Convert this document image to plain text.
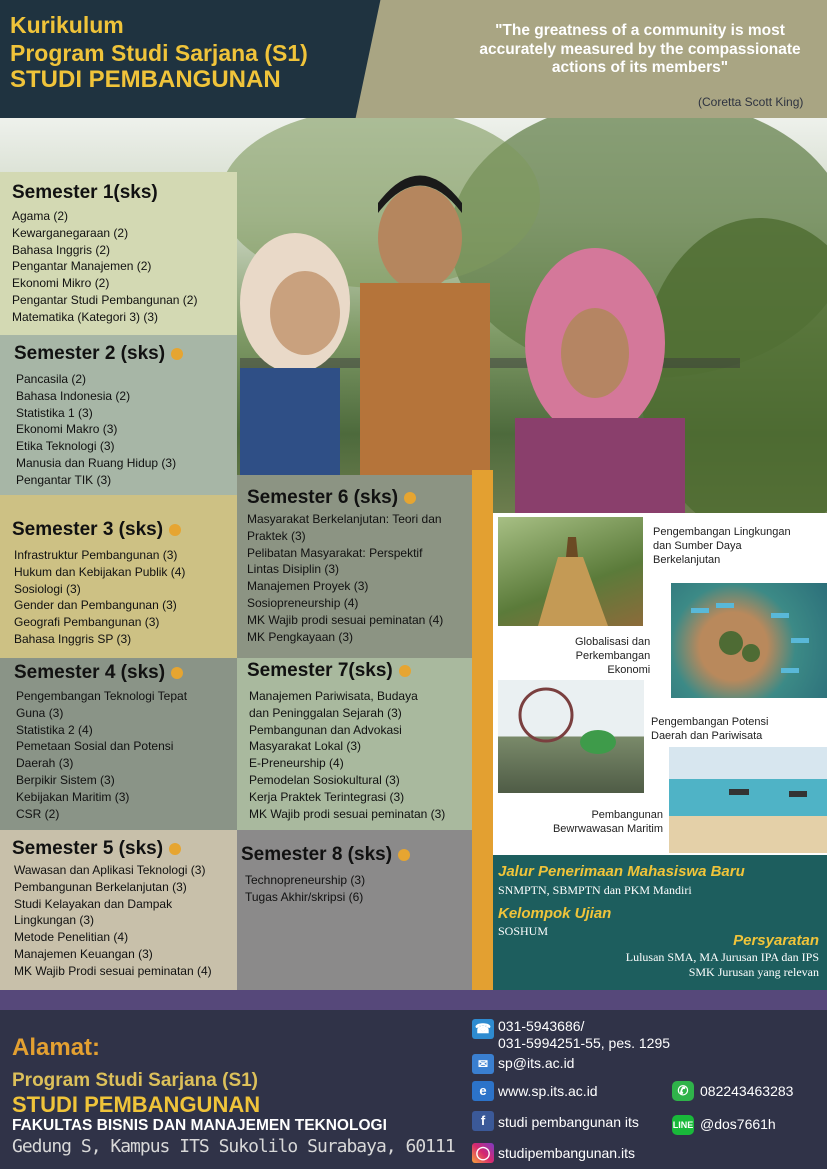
Kurikulum
Program Studi Sarjana (S1)
STUDI PEMBANGUNAN
"The greatness of a community is most
accurately measured by the compassionate
actions of its members"
(Coretta Scott King)
Semester 1(sks)
Agama (2)
Kewarganegaraan (2)
Bahasa Inggris (2)
Pengantar Manajemen (2)
Ekonomi Mikro (2)
Pengantar Studi Pembangunan (2)
Matematika (Kategori 3) (3)
Semester 2 (sks)
Pancasila (2)
Bahasa Indonesia (2)
Statistika 1 (3)
Ekonomi Makro (3)
Etika Teknologi (3)
Manusia dan Ruang Hidup (3)
Pengantar TIK (3)
Semester 3 (sks)
Infrastruktur Pembangunan (3)
Hukum dan Kebijakan Publik (4)
Sosiologi (3)
Gender dan Pembangunan (3)
Geografi Pembangunan (3)
Bahasa Inggris SP (3)
Semester 4 (sks)
Pengembangan Teknologi Tepat
Guna (3)
Statistika 2 (4)
Pemetaan Sosial dan Potensi
Daerah (3)
Berpikir Sistem (3)
Kebijakan Maritim (3)
CSR (2)
Semester 5 (sks)
Wawasan dan Aplikasi Teknologi (3)
Pembangunan Berkelanjutan (3)
Studi Kelayakan dan Dampak
Lingkungan (3)
Metode Penelitian (4)
Manajemen Keuangan (3)
MK Wajib Prodi sesuai peminatan (4)
Semester 6 (sks)
Masyarakat Berkelanjutan: Teori dan
Praktek (3)
Pelibatan Masyarakat: Perspektif
Lintas Disiplin (3)
Manajemen Proyek (3)
Sosiopreneurship (4)
MK Wajib prodi sesuai peminatan (4)
MK Pengkayaan (3)
Semester 7(sks)
Manajemen Pariwisata, Budaya
dan Peninggalan Sejarah (3)
Pembangunan dan Advokasi
Masyarakat Lokal (3)
E-Preneurship (4)
Pemodelan Sosiokultural (3)
Kerja Praktek Terintegrasi (3)
MK Wajib prodi sesuai peminatan (3)
Semester 8 (sks)
Technopreneurship (3)
Tugas Akhir/skripsi (6)
Pengembangan Lingkungan
dan Sumber Daya
Berkelanjutan
Globalisasi dan
Perkembangan
Ekonomi
Pengembangan Potensi
Daerah dan Pariwisata
Pembangunan
Bewrwawasan Maritim
Jalur Penerimaan Mahasiswa Baru
SNMPTN, SBMPTN dan PKM Mandiri
Kelompok Ujian
SOSHUM
Persyaratan
Lulusan SMA, MA Jurusan IPA dan IPS
SMK Jurusan yang relevan
Alamat:
Program Studi Sarjana (S1)
STUDI PEMBANGUNAN
FAKULTAS BISNIS DAN MANAJEMEN TEKNOLOGI
Gedung S, Kampus ITS Sukolilo Surabaya, 60111
☎ 031-5943686/
031-5994251-55, pes. 1295
✉ sp@its.ac.id
e www.sp.its.ac.id
f studi pembangunan its
◯ studipembangunan.its
✆ 082243463283
LINE @dos7661h
